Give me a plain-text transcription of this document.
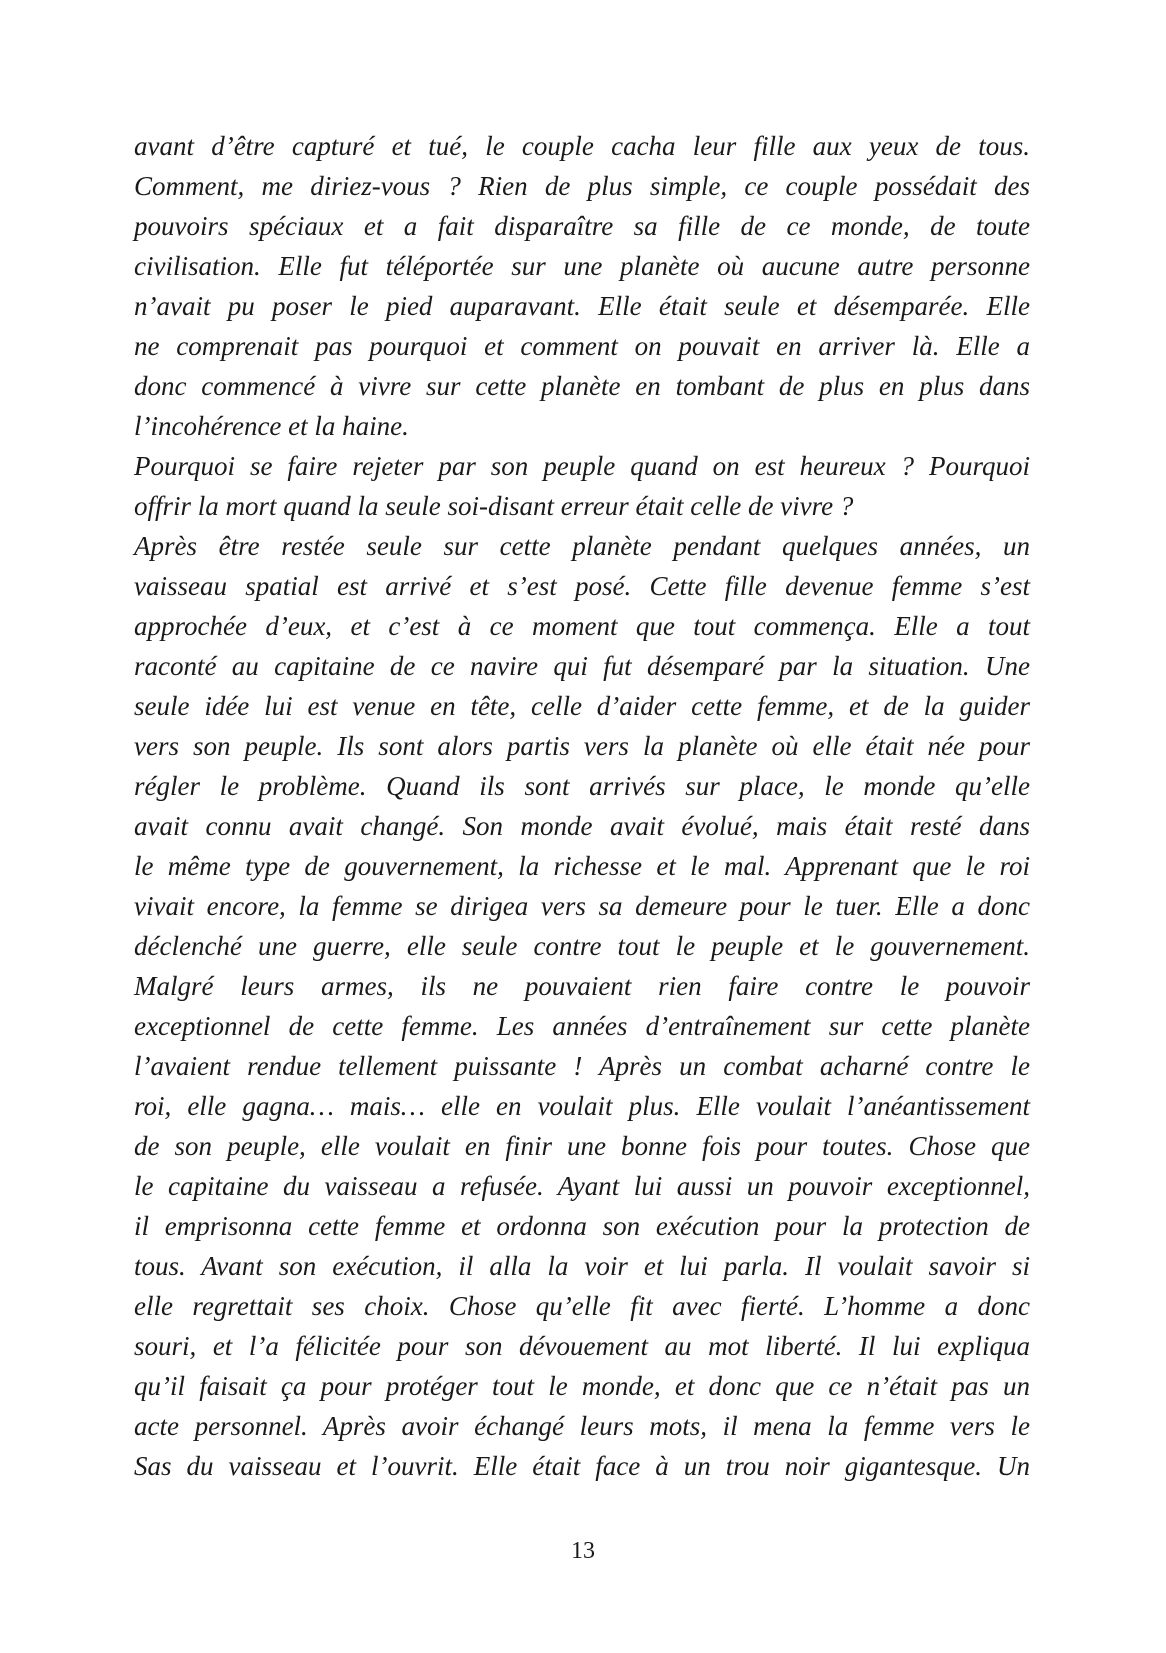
avant d’être capturé et tué, le couple cacha leur fille aux yeux de tous.
Comment, me diriez-vous ? Rien de plus simple, ce couple possédait des
pouvoirs spéciaux et a fait disparaître sa fille de ce monde, de toute
civilisation. Elle fut téléportée sur une planète où aucune autre personne
n’avait pu poser le pied auparavant. Elle était seule et désemparée. Elle
ne comprenait pas pourquoi et comment on pouvait en arriver là. Elle a
donc commencé à vivre sur cette planète en tombant de plus en plus dans
l’incohérence et la haine.
Pourquoi se faire rejeter par son peuple quand on est heureux ? Pourquoi
offrir la mort quand la seule soi-disant erreur était celle de vivre ?
Après être restée seule sur cette planète pendant quelques années, un
vaisseau spatial est arrivé et s’est posé. Cette fille devenue femme s’est
approchée d’eux, et c’est à ce moment que tout commença. Elle a tout
raconté au capitaine de ce navire qui fut désemparé par la situation. Une
seule idée lui est venue en tête, celle d’aider cette femme, et de la guider
vers son peuple. Ils sont alors partis vers la planète où elle était née pour
régler le problème. Quand ils sont arrivés sur place, le monde qu’elle
avait connu avait changé. Son monde avait évolué, mais était resté dans
le même type de gouvernement, la richesse et le mal. Apprenant que le roi
vivait encore, la femme se dirigea vers sa demeure pour le tuer. Elle a donc
déclenché une guerre, elle seule contre tout le peuple et le gouvernement.
Malgré leurs armes, ils ne pouvaient rien faire contre le pouvoir
exceptionnel de cette femme. Les années d’entraînement sur cette planète
l’avaient rendue tellement puissante ! Après un combat acharné contre le
roi, elle gagna… mais… elle en voulait plus. Elle voulait l’anéantissement
de son peuple, elle voulait en finir une bonne fois pour toutes. Chose que
le capitaine du vaisseau a refusée. Ayant lui aussi un pouvoir exceptionnel,
il emprisonna cette femme et ordonna son exécution pour la protection de
tous. Avant son exécution, il alla la voir et lui parla. Il voulait savoir si
elle regrettait ses choix. Chose qu’elle fit avec fierté. L’homme a donc
souri, et l’a félicitée pour son dévouement au mot liberté. Il lui expliqua
qu’il faisait ça pour protéger tout le monde, et donc que ce n’était pas un
acte personnel. Après avoir échangé leurs mots, il mena la femme vers le
Sas du vaisseau et l’ouvrit. Elle était face à un trou noir gigantesque. Un
13
